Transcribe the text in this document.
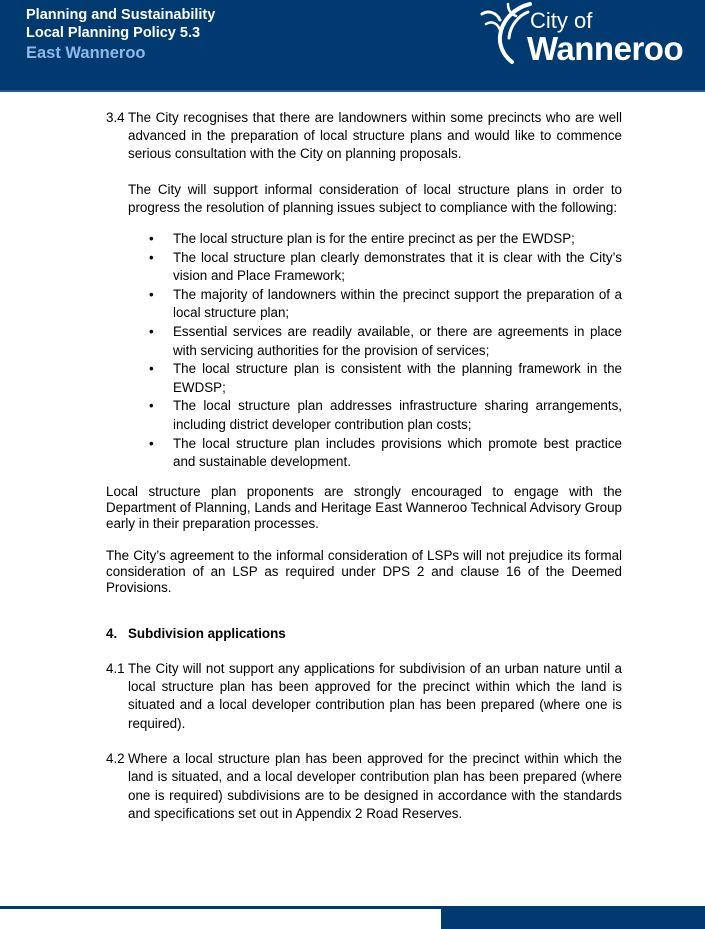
Planning and Sustainability
Local Planning Policy 5.3
East Wanneroo
City of
Wanneroo
3.4 The City recognises that there are landowners within some precincts who are well advanced in the preparation of local structure plans and would like to commence serious consultation with the City on planning proposals.

The City will support informal consideration of local structure plans in order to progress the resolution of planning issues subject to compliance with the following:

•	The local structure plan is for the entire precinct as per the EWDSP;
•	The local structure plan clearly demonstrates that it is clear with the City’s vision and Place Framework;
•	The majority of landowners within the precinct support the preparation of a local structure plan;
•	Essential services are readily available, or there are agreements in place with servicing authorities for the provision of services;
•	The local structure plan is consistent with the planning framework in the EWDSP;
•	The local structure plan addresses infrastructure sharing arrangements, including district developer contribution plan costs;
•	The local structure plan includes provisions which promote best practice and sustainable development.

Local structure plan proponents are strongly encouraged to engage with the Department of Planning, Lands and Heritage East Wanneroo Technical Advisory Group early in their preparation processes.

The City’s agreement to the informal consideration of LSPs will not prejudice its formal consideration of an LSP as required under DPS 2 and clause 16 of the Deemed Provisions.

4. Subdivision applications
4.1 The City will not support any applications for subdivision of an urban nature until a local structure plan has been approved for the precinct within which the land is situated and a local developer contribution plan has been prepared (where one is required).

4.2 Where a local structure plan has been approved for the precinct within which the land is situated, and a local developer contribution plan has been prepared (where one is required) subdivisions are to be designed in accordance with the standards and specifications set out in Appendix 2 Road Reserves.
